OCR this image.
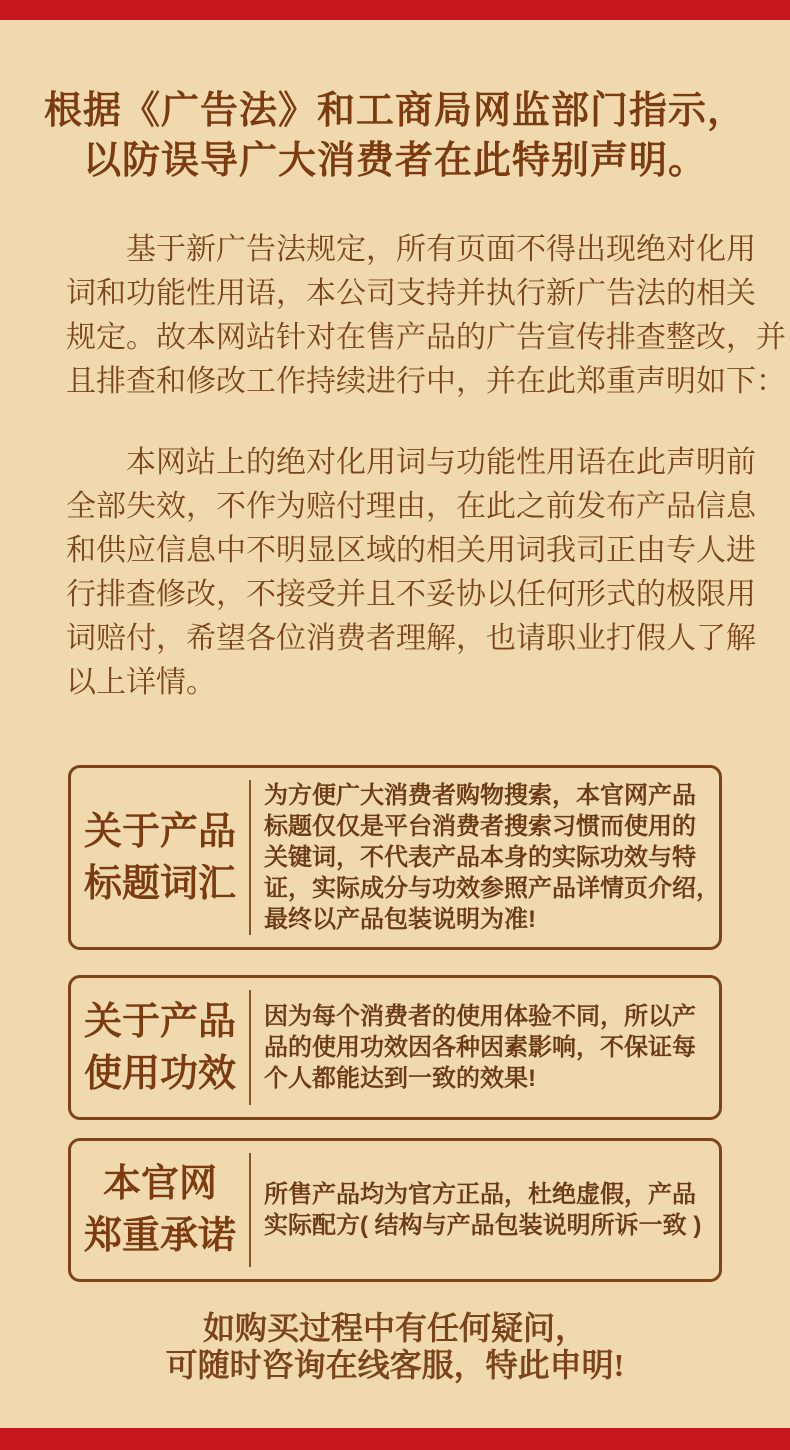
根据《广告法》和工商局网监部门指示，
以防误导广大消费者在此特别声明。
基于新广告法规定，所有页面不得出现绝对化用
词和功能性用语，本公司支持并执行新广告法的相关
规定。故本网站针对在售产品的广告宣传排查整改，并
且排查和修改工作持续进行中，并在此郑重声明如下：
本网站上的绝对化用词与功能性用语在此声明前
全部失效，不作为赔付理由，在此之前发布产品信息
和供应信息中不明显区域的相关用词我司正由专人进
行排查修改，不接受并且不妥协以任何形式的极限用
词赔付，希望各位消费者理解，也请职业打假人了解
以上详情。
关于产品
标题词汇
为方便广大消费者购物搜索，本官网产品
标题仅仅是平台消费者搜索习惯而使用的
关键词，不代表产品本身的实际功效与特
证，实际成分与功效参照产品详情页介绍，
最终以产品包装说明为准!
关于产品
使用功效
因为每个消费者的使用体验不同，所以产
品的使用功效因各种因素影响，不保证每
个人都能达到一致的效果!
本官网
郑重承诺
所售产品均为官方正品，杜绝虚假，产品
实际配方( 结构与产品包装说明所诉一致 )
如购买过程中有任何疑问，
可随时咨询在线客服，特此申明!
